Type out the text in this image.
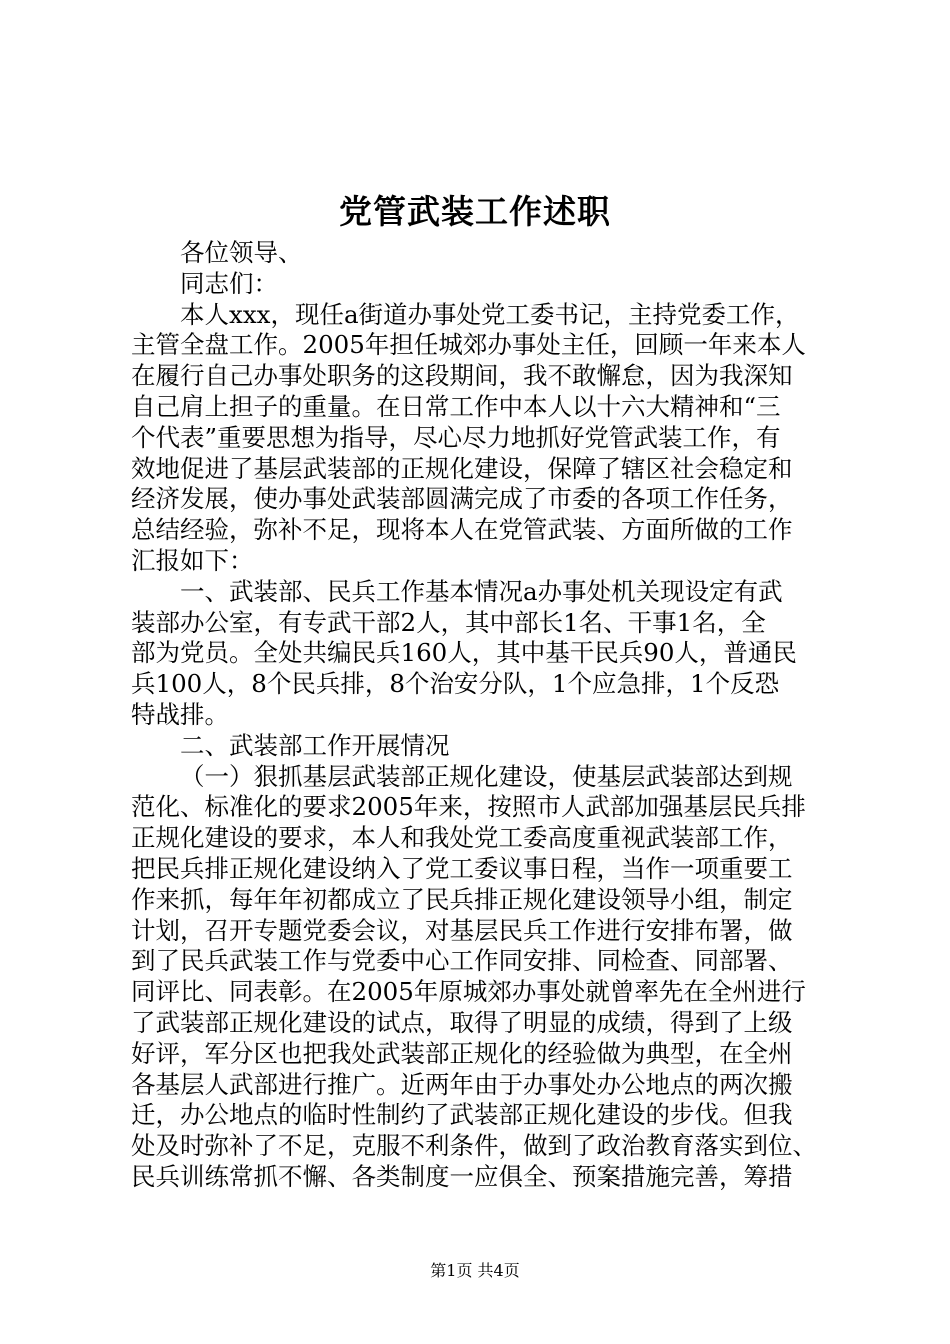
党管武装工作述职
各位领导、
同志们：
本人xxx，现任a街道办事处党工委书记，主持党委工作，
主管全盘工作。2005年担任城郊办事处主任，回顾一年来本人
在履行自己办事处职务的这段期间，我不敢懈怠，因为我深知
自己肩上担子的重量。在日常工作中本人以十六大精神和“三
个代表”重要思想为指导，尽心尽力地抓好党管武装工作，有
效地促进了基层武装部的正规化建设，保障了辖区社会稳定和
经济发展，使办事处武装部圆满完成了市委的各项工作任务，
总结经验，弥补不足，现将本人在党管武装、方面所做的工作
汇报如下：
一、武装部、民兵工作基本情况a办事处机关现设定有武
装部办公室，有专武干部2人，其中部长1名、干事1名，全
部为党员。全处共编民兵160人，其中基干民兵90人，普通民
兵100人，8个民兵排，8个治安分队，1个应急排，1个反恐
特战排。
二、武装部工作开展情况
（一）狠抓基层武装部正规化建设，使基层武装部达到规
范化、标准化的要求2005年来，按照市人武部加强基层民兵排
正规化建设的要求，本人和我处党工委高度重视武装部工作，
把民兵排正规化建设纳入了党工委议事日程，当作一项重要工
作来抓，每年年初都成立了民兵排正规化建设领导小组，制定
计划，召开专题党委会议，对基层民兵工作进行安排布署，做
到了民兵武装工作与党委中心工作同安排、同检查、同部署、
同评比、同表彰。在2005年原城郊办事处就曾率先在全州进行
了武装部正规化建设的试点，取得了明显的成绩，得到了上级
好评，军分区也把我处武装部正规化的经验做为典型，在全州
各基层人武部进行推广。近两年由于办事处办公地点的两次搬
迁，办公地点的临时性制约了武装部正规化建设的步伐。但我
处及时弥补了不足，克服不利条件，做到了政治教育落实到位、
民兵训练常抓不懈、各类制度一应俱全、预案措施完善，筹措
第1页 共4页
